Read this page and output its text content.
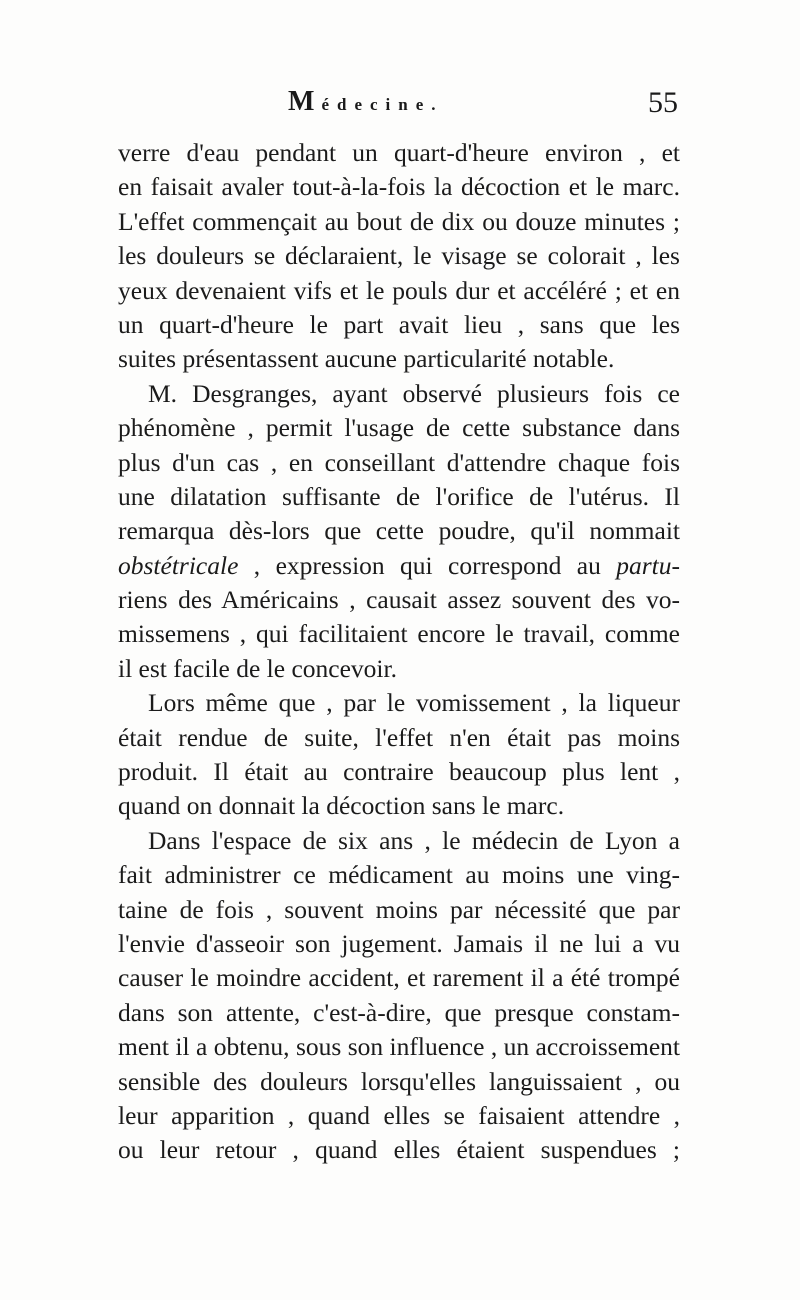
Médecine.	55
verre d'eau pendant un quart-d'heure environ , et
en faisait avaler tout-à-la-fois la décoction et le marc.
L'effet commençait au bout de dix ou douze minutes ;
les douleurs se déclaraient, le visage se colorait , les
yeux devenaient vifs et le pouls dur et accéléré ; et en
un quart-d'heure le part avait lieu , sans que les
suites présentassent aucune particularité notable.
M. Desgranges, ayant observé plusieurs fois ce
phénomène , permit l'usage de cette substance dans
plus d'un cas , en conseillant d'attendre chaque fois
une dilatation suffisante de l'orifice de l'utérus. Il
remarqua dès-lors que cette poudre, qu'il nommait
obstétricale , expression qui correspond au partu-
riens des Américains , causait assez souvent des vo-
missemens , qui facilitaient encore le travail, comme
il est facile de le concevoir.
Lors même que , par le vomissement , la liqueur
était rendue de suite, l'effet n'en était pas moins
produit. Il était au contraire beaucoup plus lent ,
quand on donnait la décoction sans le marc.
Dans l'espace de six ans , le médecin de Lyon a
fait administrer ce médicament au moins une ving-
taine de fois , souvent moins par nécessité que par
l'envie d'asseoir son jugement. Jamais il ne lui a vu
causer le moindre accident, et rarement il a été trompé
dans son attente, c'est-à-dire, que presque constam-
ment il a obtenu, sous son influence , un accroissement
sensible des douleurs lorsqu'elles languissaient , ou
leur apparition , quand elles se faisaient attendre ,
ou leur retour , quand elles étaient suspendues ;
